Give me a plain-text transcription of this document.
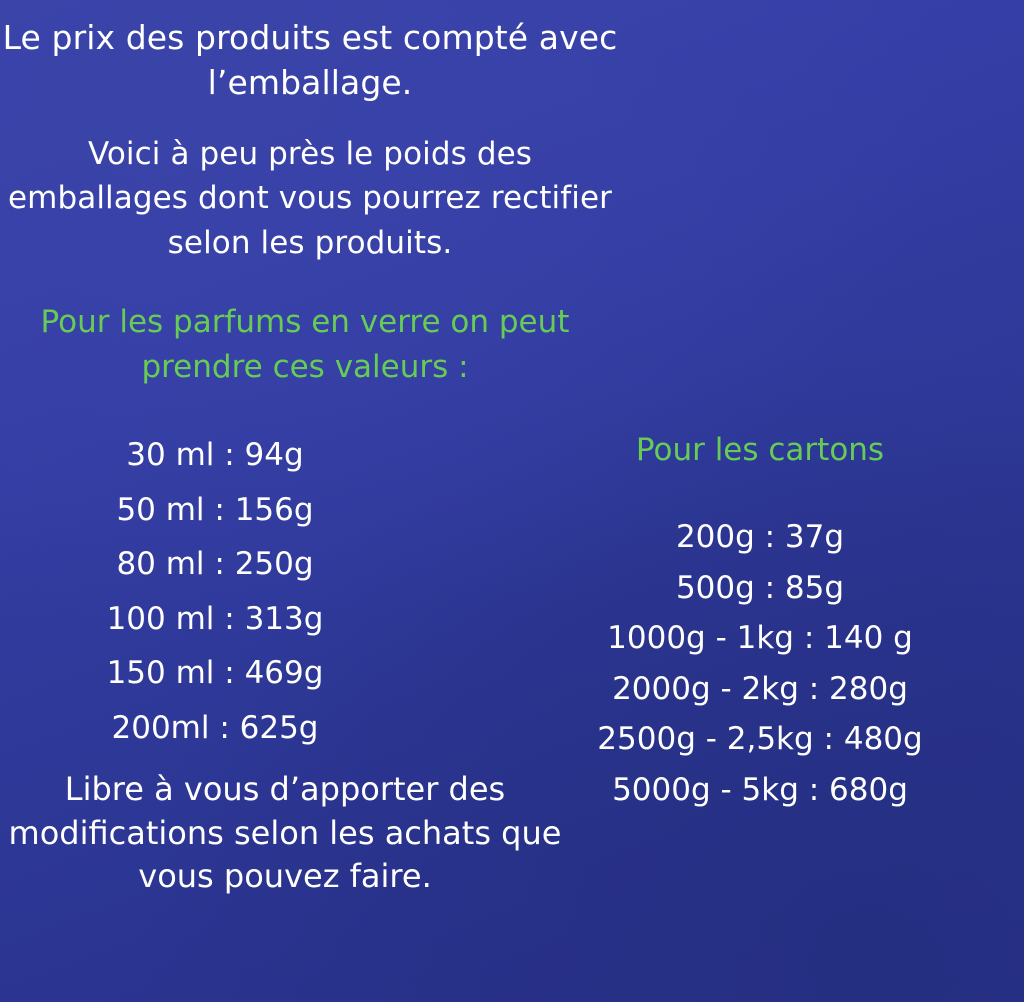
Le prix des produits est compté avec l’emballage.

Voici à peu près le poids des emballages dont vous pourrez rectifier selon les produits.

Pour les parfums en verre on peut prendre ces valeurs :
30 ml : 94g
50 ml : 156g
80 ml : 250g
100 ml : 313g
150 ml : 469g
200ml : 625g
Pour les cartons
200g : 37g
500g : 85g
1000g - 1kg : 140 g
2000g - 2kg : 280g
2500g - 2,5kg : 480g
5000g - 5kg : 680g
Libre à vous d’apporter des modifications selon les achats que vous pouvez faire.
